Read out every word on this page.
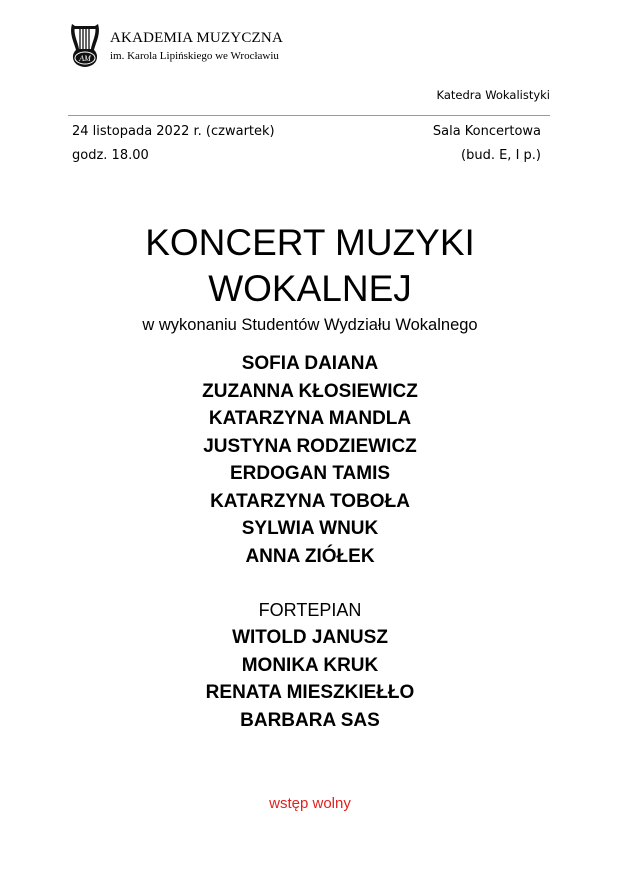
AM
AKADEMIA MUZYCZNA
im. Karola Lipińskiego we Wrocławiu
Katedra Wokalistyki
24 listopada 2022 r. (czwartek)
godz. 18.00
Sala Koncertowa
(bud. E, I p.)
KONCERT MUZYKI
WOKALNEJ
w wykonaniu Studentów Wydziału Wokalnego
SOFIA DAIANA
ZUZANNA KŁOSIEWICZ
KATARZYNA MANDLA
JUSTYNA RODZIEWICZ
ERDOGAN TAMIS
KATARZYNA TOBOŁA
SYLWIA WNUK
ANNA ZIÓŁEK
FORTEPIAN
WITOLD JANUSZ
MONIKA KRUK
RENATA MIESZKIEŁŁO
BARBARA SAS
wstęp wolny
